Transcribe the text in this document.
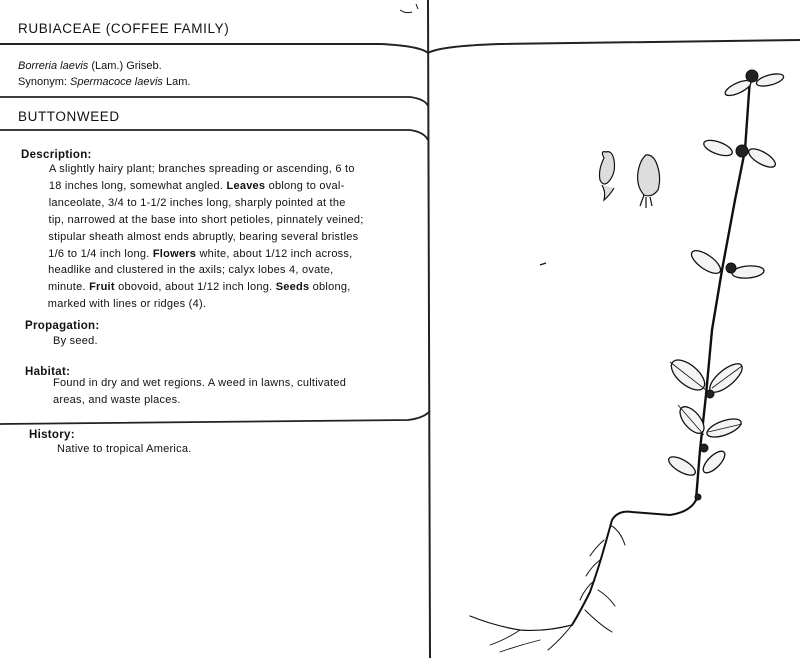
RUBIACEAE (COFFEE FAMILY)
Borreria laevis (Lam.) Griseb.
Synonym: Spermacoce laevis Lam.
BUTTONWEED
Description:
A slightly hairy plant; branches spreading or ascending, 6 to
18 inches long, somewhat angled. Leaves oblong to oval-
lanceolate, 3/4 to 1-1/2 inches long, sharply pointed at the
tip, narrowed at the base into short petioles, pinnately veined;
stipular sheath almost ends abruptly, bearing several bristles
1/6 to 1/4 inch long. Flowers white, about 1/12 inch across,
headlike and clustered in the axils; calyx lobes 4, ovate,
minute. Fruit obovoid, about 1/12 inch long. Seeds oblong,
marked with lines or ridges (4).
Propagation:
By seed.
Habitat:
Found in dry and wet regions. A weed in lawns, cultivated
areas, and waste places.
History:
Native to tropical America.
